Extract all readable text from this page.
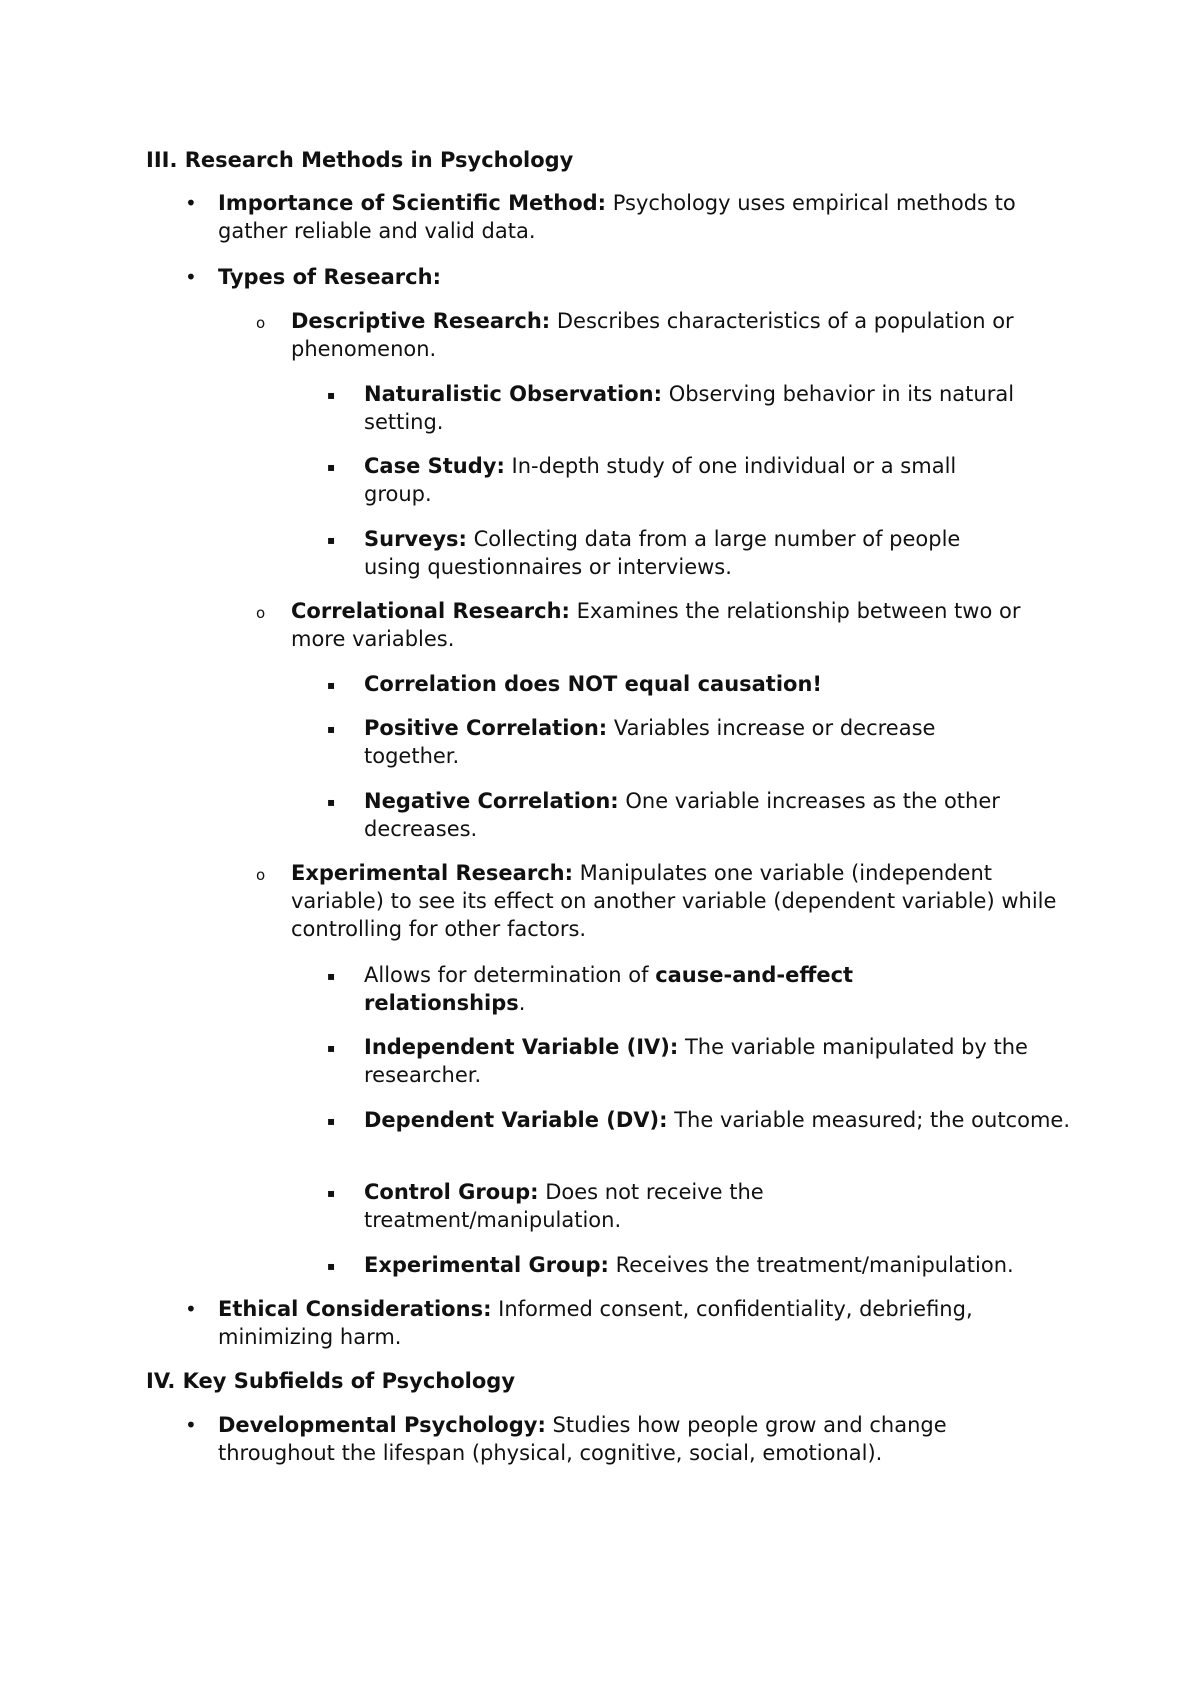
III. Research Methods in Psychology
• Importance of Scientific Method: Psychology uses empirical methods to gather reliable and valid data.

• Types of Research:

o Descriptive Research: Describes characteristics of a population or phenomenon.

▪ Naturalistic Observation: Observing behavior in its natural setting.

▪ Case Study: In-depth study of one individual or a small group.

▪ Surveys: Collecting data from a large number of people using questionnaires or interviews.

o Correlational Research: Examines the relationship between two or more variables.

▪ Correlation does NOT equal causation!

▪ Positive Correlation: Variables increase or decrease together.

▪ Negative Correlation: One variable increases as the other decreases.

o Experimental Research: Manipulates one variable (independent variable) to see its effect on another variable (dependent variable) while controlling for other factors.

▪ Allows for determination of cause-and-effect relationships.

▪ Independent Variable (IV): The variable manipulated by the researcher.

▪ Dependent Variable (DV): The variable measured; the outcome.

▪ Control Group: Does not receive the treatment/manipulation.

▪ Experimental Group: Receives the treatment/manipulation.

• Ethical Considerations: Informed consent, confidentiality, debriefing, minimizing harm.

IV. Key Subfields of Psychology
• Developmental Psychology: Studies how people grow and change throughout the lifespan (physical, cognitive, social, emotional).
